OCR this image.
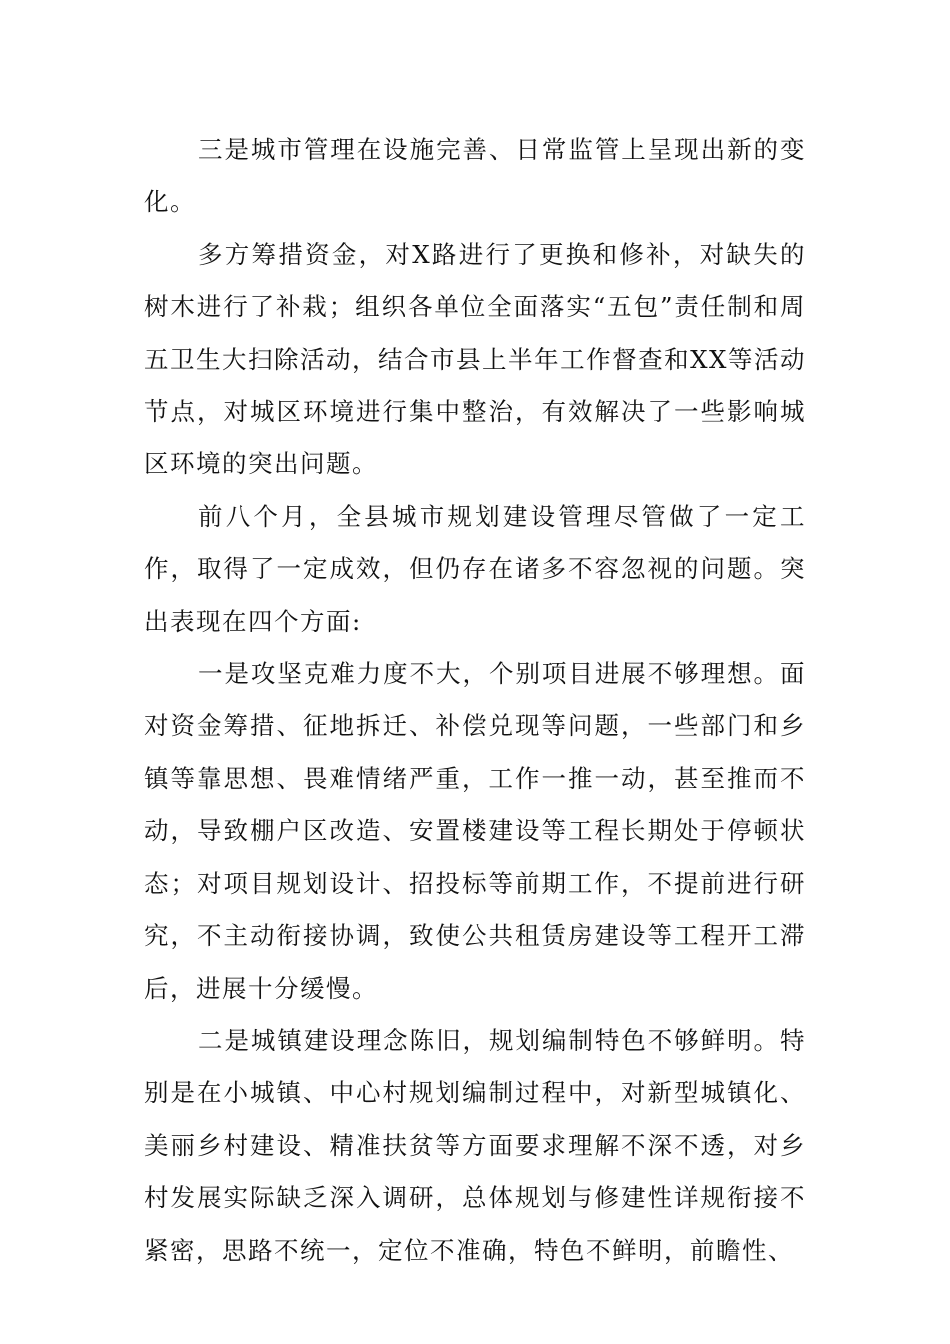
三是城市管理在设施完善、日常监管上呈现出新的变化。

多方筹措资金，对X路进行了更换和修补，对缺失的树木进行了补栽；组织各单位全面落实“五包”责任制和周五卫生大扫除活动，结合市县上半年工作督查和XX等活动节点，对城区环境进行集中整治，有效解决了一些影响城区环境的突出问题。

前八个月，全县城市规划建设管理尽管做了一定工作，取得了一定成效，但仍存在诸多不容忽视的问题。突出表现在四个方面:

一是攻坚克难力度不大，个别项目进展不够理想。面对资金筹措、征地拆迁、补偿兑现等问题，一些部门和乡镇等靠思想、畏难情绪严重，工作一推一动，甚至推而不动，导致棚户区改造、安置楼建设等工程长期处于停顿状态；对项目规划设计、招投标等前期工作，不提前进行研究，不主动衔接协调，致使公共租赁房建设等工程开工滞后，进展十分缓慢。

二是城镇建设理念陈旧，规划编制特色不够鲜明。特别是在小城镇、中心村规划编制过程中，对新型城镇化、美丽乡村建设、精准扶贫等方面要求理解不深不透，对乡村发展实际缺乏深入调研，总体规划与修建性详规衔接不紧密，思路不统一，定位不准确，特色不鲜明，前瞻性、
